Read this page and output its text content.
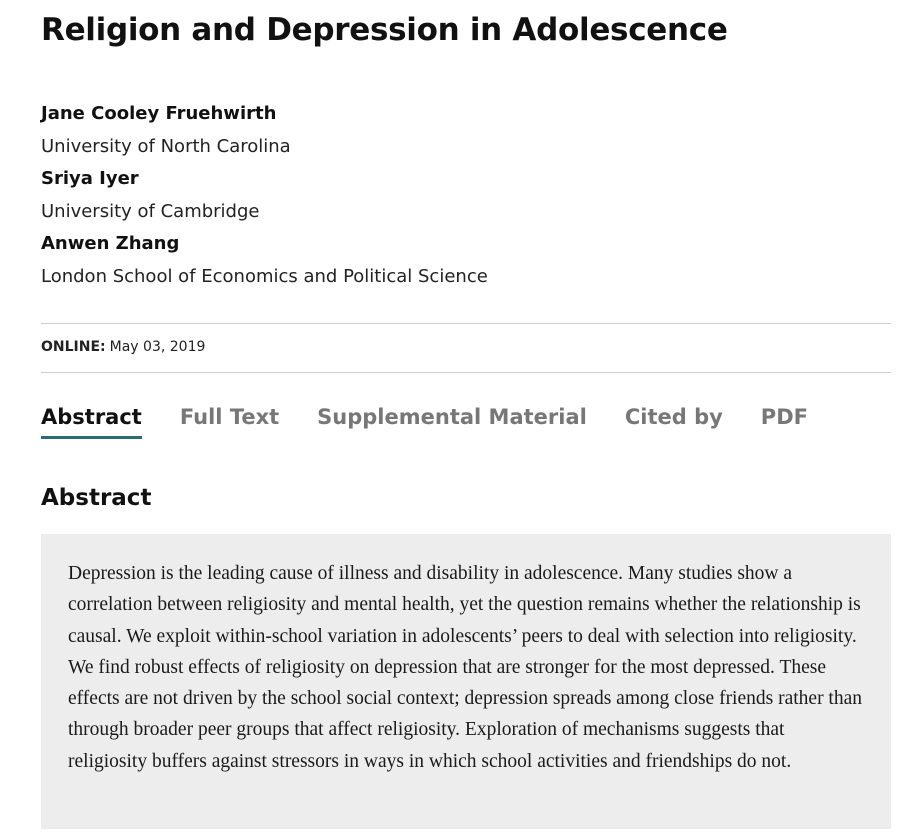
Religion and Depression in Adolescence
Jane Cooley Fruehwirth
University of North Carolina
Sriya Iyer
University of Cambridge
Anwen Zhang
London School of Economics and Political Science
ONLINE: May 03, 2019
Abstract Full Text Supplemental Material Cited by PDF
Abstract

Depression is the leading cause of illness and disability in adolescence. Many studies show a correlation between religiosity and mental health, yet the question remains whether the relationship is causal. We exploit within-school variation in adolescents’ peers to deal with selection into religiosity. We find robust effects of religiosity on depression that are stronger for the most depressed. These effects are not driven by the school social context; depression spreads among close friends rather than through broader peer groups that affect religiosity. Exploration of mechanisms suggests that religiosity buffers against stressors in ways in which school activities and friendships do not.
